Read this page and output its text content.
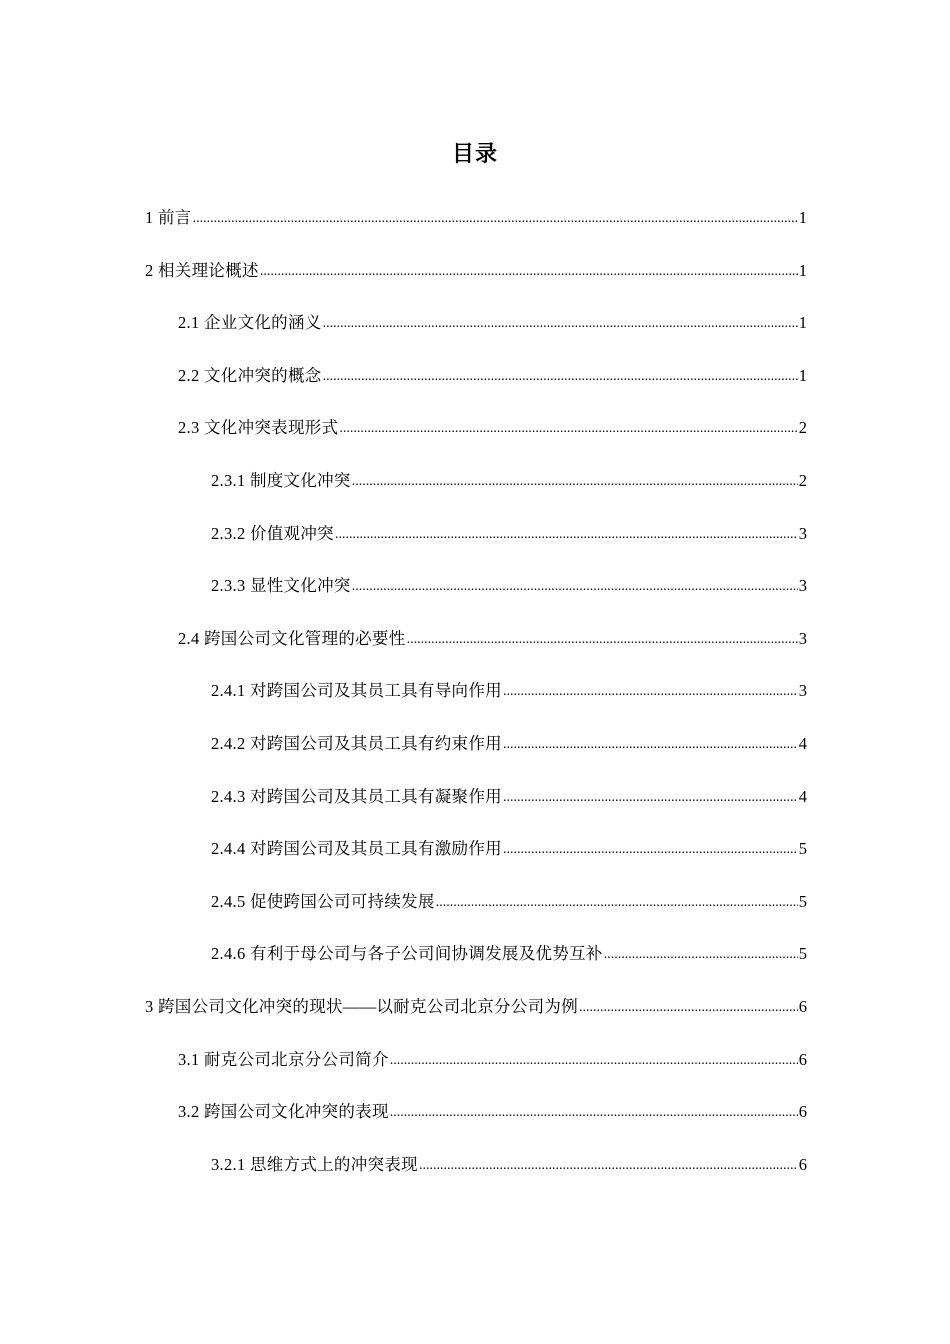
目录
1 前言 .....	1
2 相关理论概述 .....	1
2.1 企业文化的涵义 .....	1
2.2 文化冲突的概念 .....	1
2.3 文化冲突表现形式 .....	2
2.3.1 制度文化冲突 .....	2
2.3.2 价值观冲突 .....	3
2.3.3 显性文化冲突 .....	3
2.4 跨国公司文化管理的必要性 .....	3
2.4.1 对跨国公司及其员工具有导向作用 .....	3
2.4.2 对跨国公司及其员工具有约束作用 .....	4
2.4.3 对跨国公司及其员工具有凝聚作用 .....	4
2.4.4 对跨国公司及其员工具有激励作用 .....	5
2.4.5 促使跨国公司可持续发展 .....	5
2.4.6 有利于母公司与各子公司间协调发展及优势互补 .....	5
3 跨国公司文化冲突的现状——以耐克公司北京分公司为例 .....	6
3.1 耐克公司北京分公司简介 .....	6
3.2 跨国公司文化冲突的表现 .....	6
3.2.1 思维方式上的冲突表现 .....	6
